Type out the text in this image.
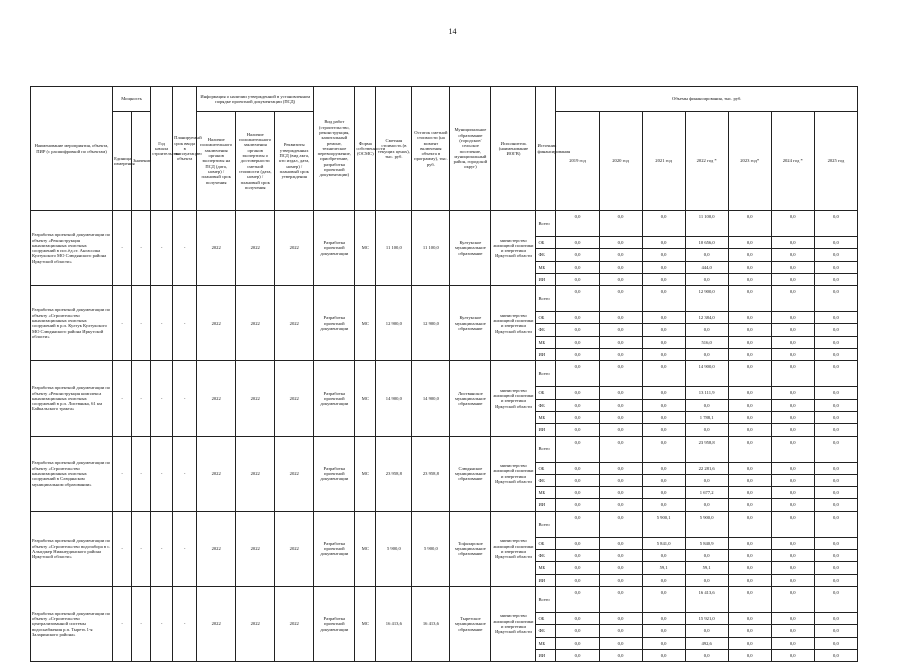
14
Наименование мероприятия, объекта, ПИР (с расшифровкой по объектам)	Мощность		Год начала строительства	Планируемый срок ввода в эксплуатацию объекта	Информация о наличии утвержденной в установленном порядке проектной документации (ПСД)			Вид работ (строительство, реконструкция, капитальный ремонт, техническое перевооружение, приобретение, разработка проектной документации)	Форма собственности (ОСМС)	Сметная стоимость (в текущих ценах), тыс. руб.	Остаток сметной стоимости (на момент включения объекта в программу), тыс. руб.	Муниципальное образование (городское/сельское поселение, муниципальный район, городской округ)	Исполнитель (наименование ИОГВ)	Источник финансирования	Объемы финансирования, тыс. руб.						
	Единица измерения	Значение			Наличие положительного заключения органов экспертизы на ПСД (дата, номер) / плановый срок получения	Наличие положительного заключения органов экспертизы о достоверности сметной стоимости (дата, номер) / плановый срок получения	Реквизиты утвержденных ПСД (вид акта, кто издал, дата, номер) / плановый срок утверждения								2019 год	2020 год	2021 год	2022 год *	2023 год*	2024 год *	2025 год
Разработка проектной документации по объекту «Реконструкция канализационных очистных сооружений в пос.ёд.ст. Ангасолка Култукского МО Слюдянского района Иркутской области»	-	-	-	-	2022	2022	2022	Разработка проектной документации	МС	11 100,0	11 100,0	Култукское муниципальное образование	министерство жилищной политики и энергетики Иркутской области	Всего	0,0	0,0	0,0	11 100,0	0,0	0,0	0,0
														ОБ	0,0	0,0	0,0	10 656,0	0,0	0,0	0,0
														ФБ	0,0	0,0	0,0	0,0	0,0	0,0	0,0
														МБ	0,0	0,0	0,0	444,0	0,0	0,0	0,0
														ИИ	0,0	0,0	0,0	0,0	0,0	0,0	0,0
Разработка проектной документации по объекту «Строительство канализационных очистных сооружений в р.п. Култук Култукского МО Слюдянского района Иркутской области»	-	-	-	-	2022	2022	2022	Разработка проектной документации	МС	12 900,0	12 900,0	Култукское муниципальное образование	министерство жилищной политики и энергетики Иркутской области	Всего	0,0	0,0	0,0	12 900,0	0,0	0,0	0,0
														ОБ	0,0	0,0	0,0	12 384,0	0,0	0,0	0,0
														ФБ	0,0	0,0	0,0	0,0	0,0	0,0	0,0
														МБ	0,0	0,0	0,0	516,0	0,0	0,0	0,0
														ИИ	0,0	0,0	0,0	0,0	0,0	0,0	0,0
Разработка проектной документации по объекту «Реконструкция комплекса канализационных очистных сооружений в р.п. Листвянка, 61 км Байкальского тракта»	-	-	-	-	2022	2022	2022	Разработка проектной документации	МС	14 900,0	14 900,0	Листвянское муниципальное образование	министерство жилищной политики и энергетики Иркутской области	Всего	0,0	0,0	0,0	14 900,0	0,0	0,0	0,0
														ОБ	0,0	0,0	0,0	13 111,9	0,0	0,0	0,0
														ФБ	0,0	0,0	0,0	0,0	0,0	0,0	0,0
														МБ	0,0	0,0	0,0	1 788,1	0,0	0,0	0,0
														ИИ	0,0	0,0	0,0	0,0	0,0	0,0	0,0
Разработка проектной документации по объекту «Строительство канализационных очистных сооружений в Слюдянском муниципальном образовании»	-	-	-	-	2022	2022	2022	Разработка проектной документации	МС	23 958,8	23 958,8	Слюдянское муниципальное образование	министерство жилищной политики и энергетики Иркутской области	Всего	0,0	0,0	0,0	23 958,8	0,0	0,0	0,0
														ОБ	0,0	0,0	0,0	22 281,6	0,0	0,0	0,0
														ФБ	0,0	0,0	0,0	0,0	0,0	0,0	0,0
														МБ	0,0	0,0	0,0	1 677,2	0,0	0,0	0,0
														ИИ	0,0	0,0	0,0	0,0	0,0	0,0	0,0
Разработка проектной документации по объекту «Строительство водозабора в с. Алыгджер Нижнеудинского района Иркутской области»	-	-	-	-	2022	2022	2022	Разработка проектной документации	МС	5 900,0	5 900,0	Тофаларское муниципальное образование	министерство жилищной политики и энергетики Иркутской области	Всего	0,0	0,0	5 900,1	5 900,0	0,0	0,0	0,0
														ОБ	0,0	0,0	5 841,0	5 840,9	0,0	0,0	0,0
														ФБ	0,0	0,0	0,0	0,0	0,0	0,0	0,0
														МБ	0,0	0,0	59,1	59,1	0,0	0,0	0,0
														ИИ	0,0	0,0	0,0	0,0	0,0	0,0	0,0
Разработка проектной документации по объекту «Строительство централизованной системы водоснабжения р.п. Тыреть 1-я Заларинского района»	-	-	-	-	2022	2022	2022	Разработка проектной документации	МС	16 413,6	16 413,6	Тыретское муниципальное образование	министерство жилищной политики и энергетики Иркутской области	Всего	0,0	0,0	0,0	16 413,6	0,0	0,0	0,0
														ОБ	0,0	0,0	0,0	15 921,0	0,0	0,0	0,0
														ФБ	0,0	0,0	0,0	0,0	0,0	0,0	0,0
														МБ	0,0	0,0	0,0	492,6	0,0	0,0	0,0
														ИИ	0,0	0,0	0,0	0,0	0,0	0,0	0,0
